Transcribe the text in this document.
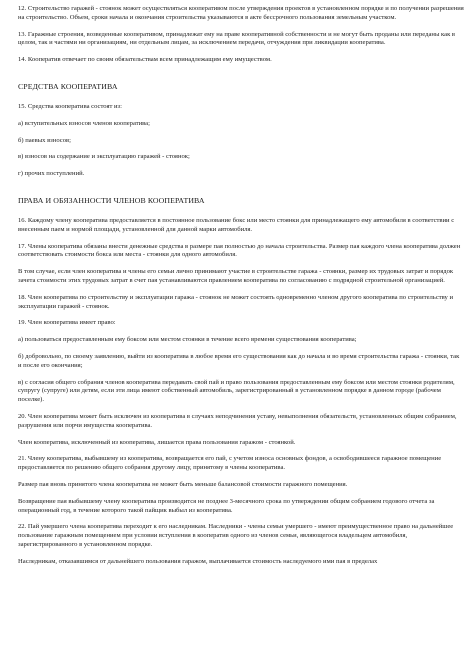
12. Строительство гаражей - стоянок может осуществляться кооперативом после утверждения проектов в установленном порядке и по получении разрешения на строительство. Объем, сроки начала и окончания строительства указываются в акте бессрочного пользования земельным участком.

13. Гаражные строения, возведенные кооперативом, принадлежат ему на праве кооперативной собственности и не могут быть проданы или переданы как в целом, так и частями ни организациям, ни отдельным лицам, за исключением передачи, отчуждения при ликвидации кооператива.

14. Кооператив отвечает по своим обязательствам всем принадлежащим ему имуществом.

СРЕДСТВА КООПЕРАТИВА

15. Средства кооператива состоят из:

а) вступительных взносов членов кооператива;

б) паевых взносов;

в) взносов на содержание и эксплуатацию гаражей - стоянок;

г) прочих поступлений.

ПРАВА И ОБЯЗАННОСТИ ЧЛЕНОВ КООПЕРАТИВА

16. Каждому члену кооператива предоставляется в постоянное пользование бокс или место стоянки для принадлежащего ему автомобиля в соответствии с внесенным паем и нормой площади, установленной для данной марки автомобиля.

17. Члены кооператива обязаны внести денежные средства в размере пая полностью до начала строительства. Размер пая каждого члена кооператива должен соответствовать стоимости бокса или места - стоянки для одного автомобиля.

В том случае, если член кооператива и члены его семьи лично принимают участие в строительстве гаража - стоянки, размер их трудовых затрат и порядок зачета стоимости этих трудовых затрат в счет пая устанавливаются правлением кооператива по согласованию с подрядной строительной организацией.

18. Член кооператива по строительству и эксплуатации гаража - стоянок не может состоять одновременно членом другого кооператива по строительству и эксплуатации гаражей - стоянок.

19. Член кооператива имеет право:

а) пользоваться предоставленным ему боксом или местом стоянки в течение всего времени существования кооператива;

б) добровольно, по своему заявлению, выйти из кооператива в любое время его существования как до начала и во время строительства гаража - стоянки, так и после его окончания;

в) с согласия общего собрания членов кооператива передавать свой пай и право пользования предоставленным ему боксом или местом стоянки родителям, супругу (супруге) или детям, если эти лица имеют собственный автомобиль, зарегистрированный в установленном порядке в данном городе (рабочем поселке).

20. Член кооператива может быть исключен из кооператива в случаях неподчинения уставу, невыполнения обязательств, установленных общим собранием, разрушения или порчи имущества кооператива.

Член кооператива, исключенный из кооператива, лишается права пользования гаражом - стоянкой.

21. Члену кооператива, выбывшему из кооператива, возвращается его пай, с учетом износа основных фондов, а освободившееся гаражное помещение предоставляется по решению общего собрания другому лицу, принятому в члены кооператива.

Размер пая вновь принятого члена кооператива не может быть меньше балансовой стоимости гаражного помещения.

Возвращение пая выбывшему члену кооператива производится не позднее 3-месячного срока по утверждении общим собранием годового отчета за операционный год, в течение которого такой пайщик выбыл из кооператива.

22. Пай умершего члена кооператива переходит к его наследникам. Наследники - члены семьи умершего - имеют преимущественное право на дальнейшее пользование гаражным помещением при условии вступления в кооператив одного из членов семьи, являющегося владельцем автомобиля, зарегистрированного в установленном порядке.

Наследникам, отказавшимся от дальнейшего пользования гаражом, выплачивается стоимость наследуемого ими пая в пределах
